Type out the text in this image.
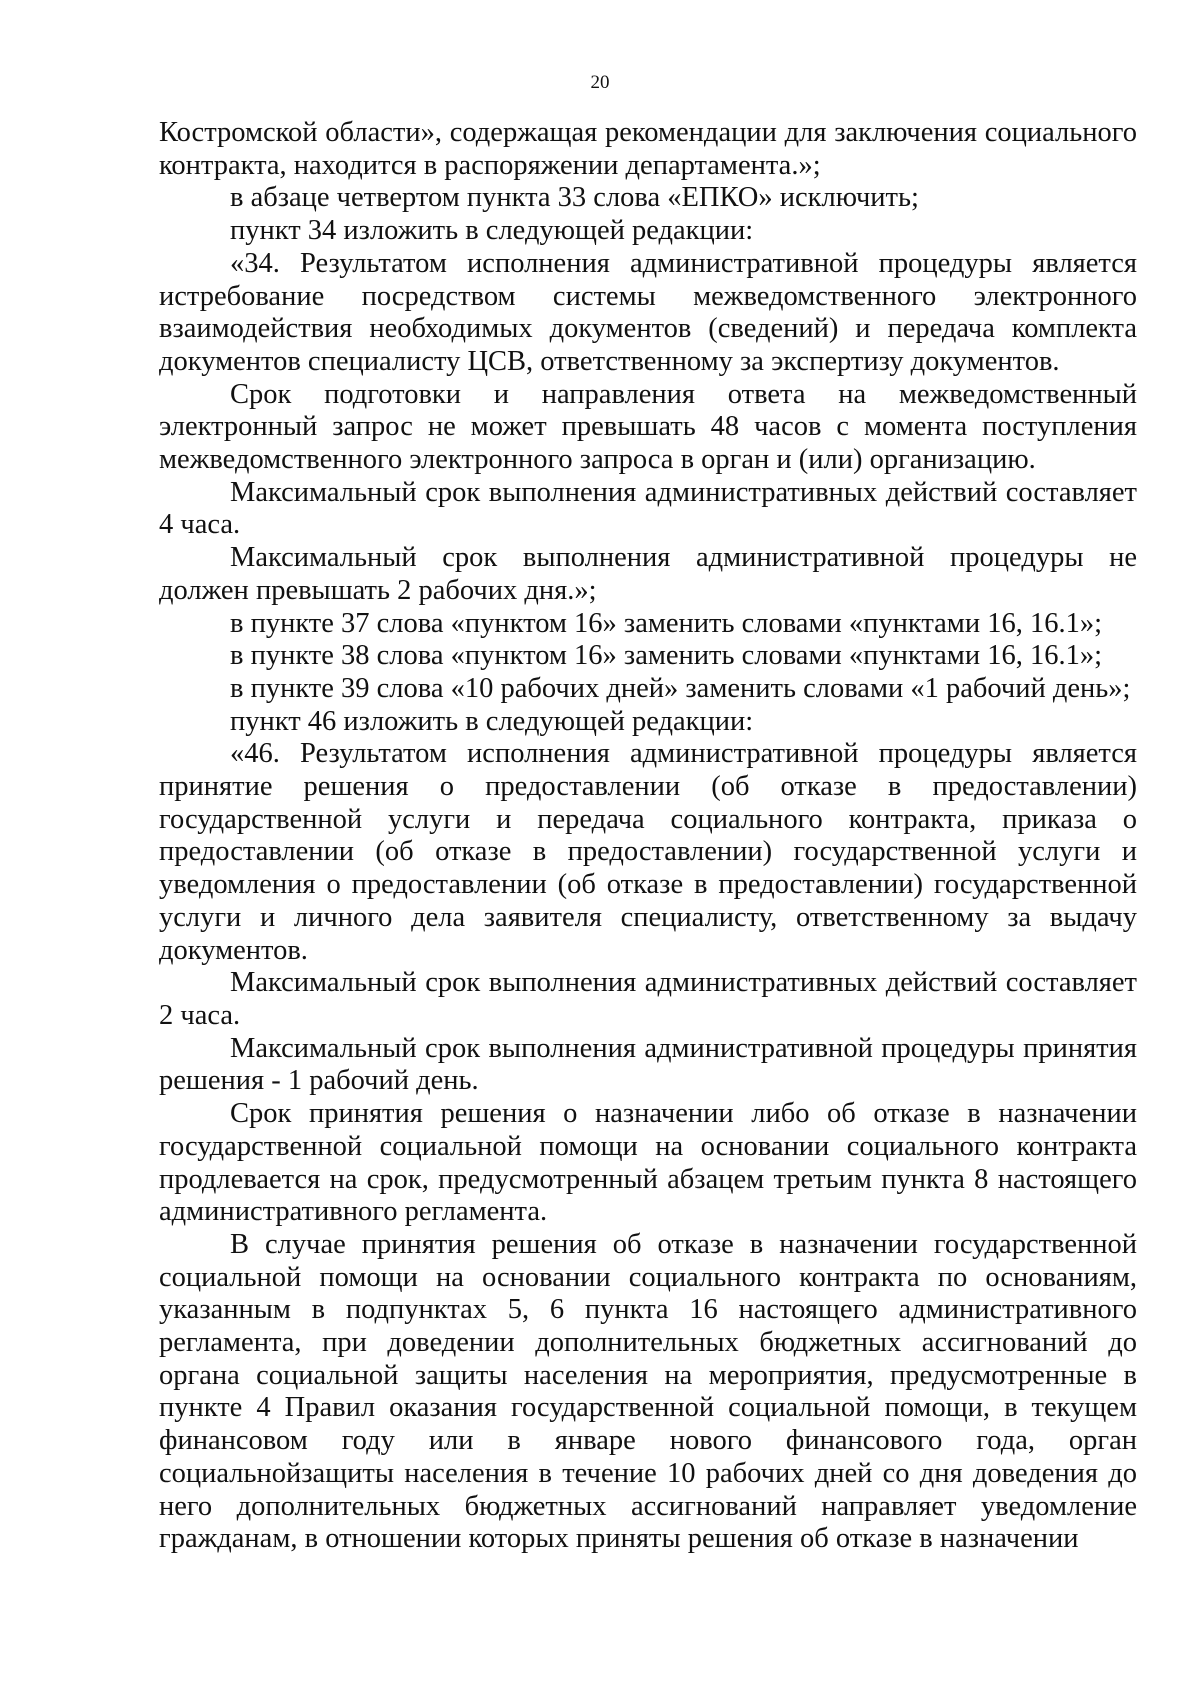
20

Костромской области», содержащая рекомендации для заключения социального контракта, находится в распоряжении департамента.»;

в абзаце четвертом пункта 33 слова «ЕПКО» исключить;

пункт 34 изложить в следующей редакции:

«34. Результатом исполнения административной процедуры является истребование посредством системы межведомственного электронного взаимодействия необходимых документов (сведений) и передача комплекта документов специалисту ЦСВ, ответственному за экспертизу документов.

Срок подготовки и направления ответа на межведомственный электронный запрос не может превышать 48 часов с момента поступления межведомственного электронного запроса в орган и (или) организацию.

Максимальный срок выполнения административных действий составляет 4 часа.

Максимальный срок выполнения административной процедуры не должен превышать 2 рабочих дня.»;

в пункте 37 слова «пунктом 16» заменить словами «пунктами 16, 16.1»;

в пункте 38 слова «пунктом 16» заменить словами «пунктами 16, 16.1»;

в пункте 39 слова «10 рабочих дней» заменить словами «1 рабочий день»;

пункт 46 изложить в следующей редакции:

«46. Результатом исполнения административной процедуры является принятие решения о предоставлении (об отказе в предоставлении) государственной услуги и передача социального контракта, приказа о предоставлении (об отказе в предоставлении) государственной услуги и уведомления о предоставлении (об отказе в предоставлении) государственной услуги и личного дела заявителя специалисту, ответственному за выдачу документов.

Максимальный срок выполнения административных действий составляет 2 часа.

Максимальный срок выполнения административной процедуры принятия решения - 1 рабочий день.

Срок принятия решения о назначении либо об отказе в назначении государственной социальной помощи на основании социального контракта продлевается на срок, предусмотренный абзацем третьим пункта 8 настоящего административного регламента.

В случае принятия решения об отказе в назначении государственной социальной помощи на основании социального контракта по основаниям, указанным в подпунктах 5, 6 пункта 16 настоящего административного регламента, при доведении дополнительных бюджетных ассигнований до органа социальной защиты населения на мероприятия, предусмотренные в пункте 4 Правил оказания государственной социальной помощи, в текущем финансовом году или в январе нового финансового года, орган социальнойзащиты населения в течение 10 рабочих дней со дня доведения до него дополнительных бюджетных ассигнований направляет уведомление гражданам, в отношении которых приняты решения об отказе в назначении
